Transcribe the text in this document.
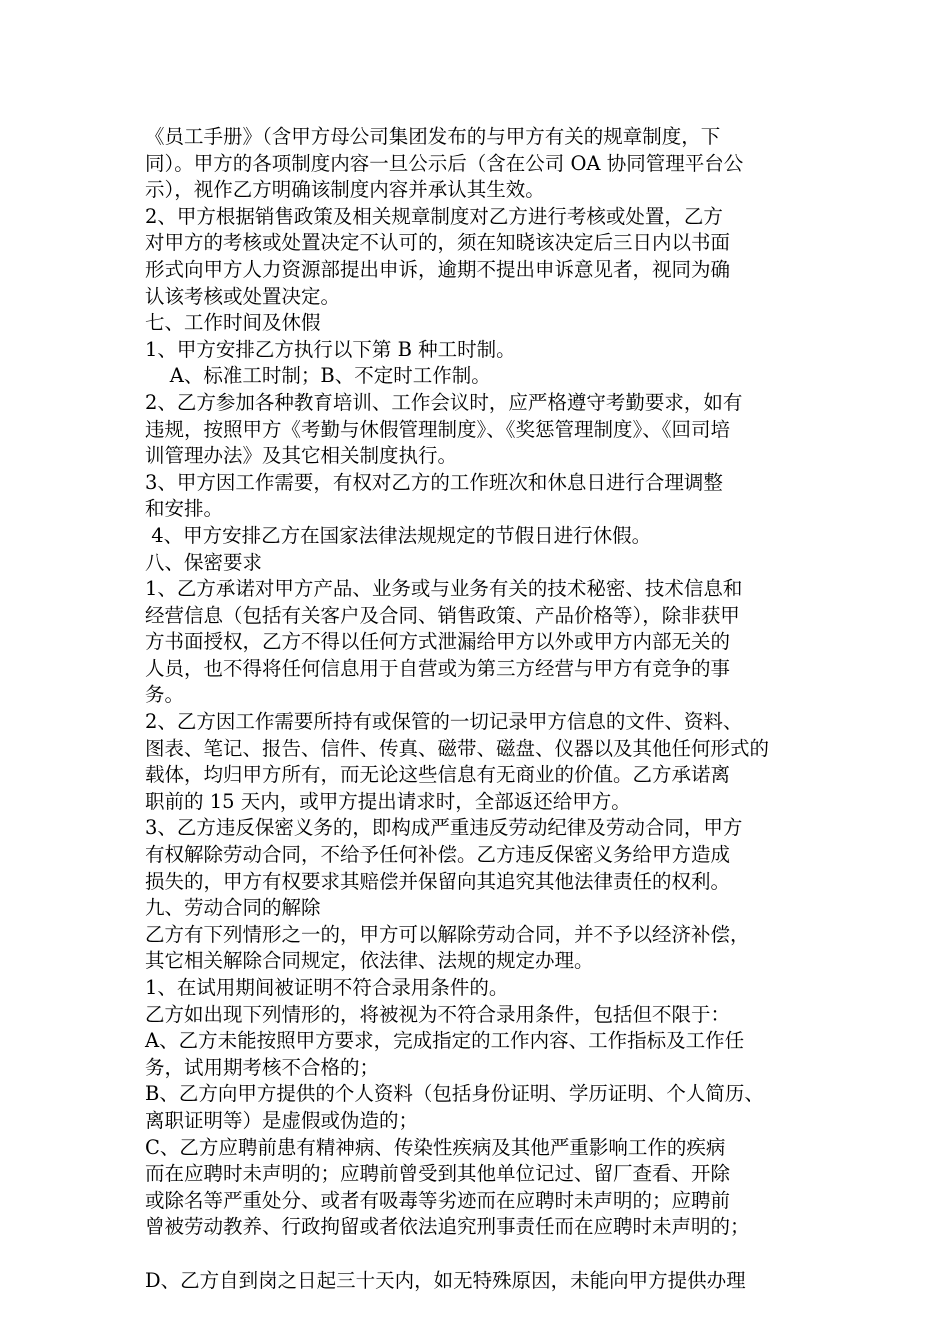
《员工手册》（含甲方母公司集团发布的与甲方有关的规章制度，下
同）。甲方的各项制度内容一旦公示后（含在公司 OA 协同管理平台公
示），视作乙方明确该制度内容并承认其生效。
2、甲方根据销售政策及相关规章制度对乙方进行考核或处置，乙方
对甲方的考核或处置决定不认可的，须在知晓该决定后三日内以书面
形式向甲方人力资源部提出申诉，逾期不提出申诉意见者，视同为确
认该考核或处置决定。
七、工作时间及休假
1、甲方安排乙方执行以下第 B 种工时制。
A、标准工时制；B、不定时工作制。
2、乙方参加各种教育培训、工作会议时，应严格遵守考勤要求，如有
违规，按照甲方《考勤与休假管理制度》、《奖惩管理制度》、《回司培
训管理办法》及其它相关制度执行。
3、甲方因工作需要，有权对乙方的工作班次和休息日进行合理调整
和安排。
4、甲方安排乙方在国家法律法规规定的节假日进行休假。
八、保密要求
1、乙方承诺对甲方产品、业务或与业务有关的技术秘密、技术信息和
经营信息（包括有关客户及合同、销售政策、产品价格等），除非获甲
方书面授权，乙方不得以任何方式泄漏给甲方以外或甲方内部无关的
人员，也不得将任何信息用于自营或为第三方经营与甲方有竞争的事
务。
2、乙方因工作需要所持有或保管的一切记录甲方信息的文件、资料、
图表、笔记、报告、信件、传真、磁带、磁盘、仪器以及其他任何形式的
载体，均归甲方所有，而无论这些信息有无商业的价值。乙方承诺离
职前的 15 天内，或甲方提出请求时，全部返还给甲方。
3、乙方违反保密义务的，即构成严重违反劳动纪律及劳动合同，甲方
有权解除劳动合同，不给予任何补偿。乙方违反保密义务给甲方造成
损失的，甲方有权要求其赔偿并保留向其追究其他法律责任的权利。
九、劳动合同的解除
乙方有下列情形之一的，甲方可以解除劳动合同，并不予以经济补偿，
其它相关解除合同规定，依法律、法规的规定办理。
1、在试用期间被证明不符合录用条件的。
乙方如出现下列情形的，将被视为不符合录用条件，包括但不限于：
A、乙方未能按照甲方要求，完成指定的工作内容、工作指标及工作任
务，试用期考核不合格的；
B、乙方向甲方提供的个人资料（包括身份证明、学历证明、个人简历、
离职证明等）是虚假或伪造的；
C、乙方应聘前患有精神病、传染性疾病及其他严重影响工作的疾病
而在应聘时未声明的；应聘前曾受到其他单位记过、留厂查看、开除
或除名等严重处分、或者有吸毒等劣迹而在应聘时未声明的；应聘前
曾被劳动教养、行政拘留或者依法追究刑事责任而在应聘时未声明的；
D、乙方自到岗之日起三十天内，如无特殊原因，未能向甲方提供办理
